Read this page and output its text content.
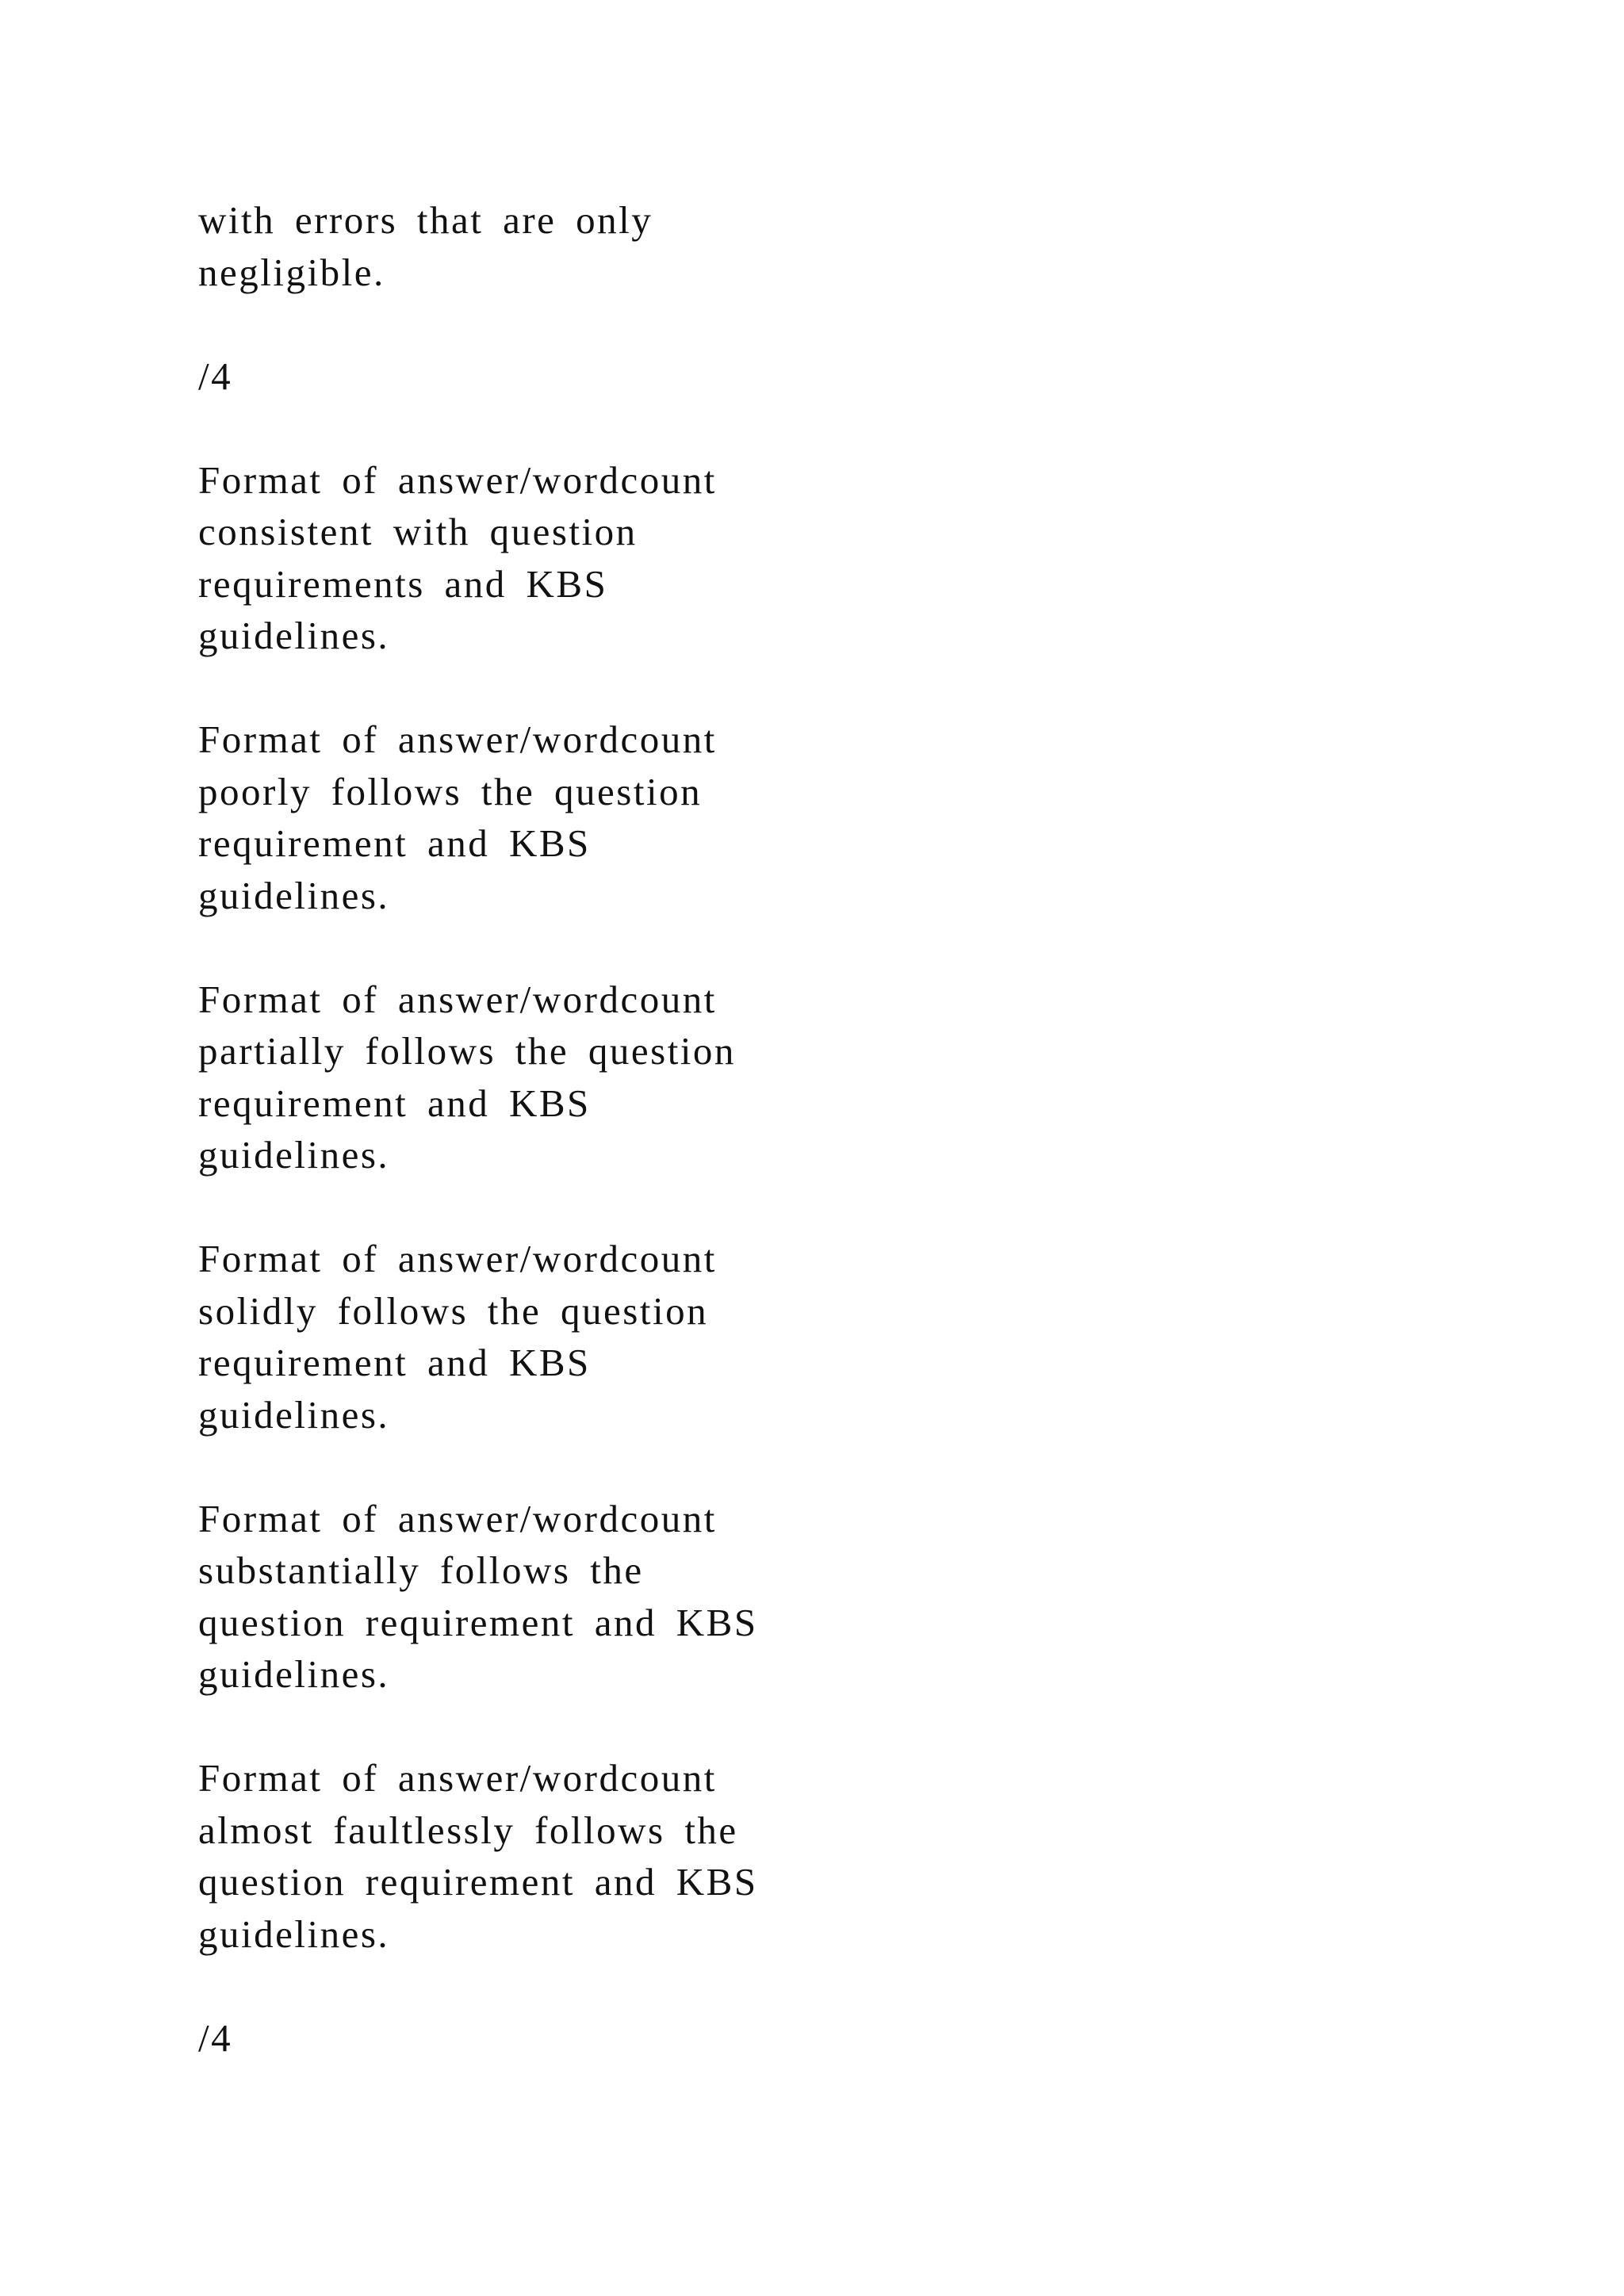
with errors that are only
negligible.

/4

Format of answer/wordcount
consistent with question
requirements and KBS
guidelines.

Format of answer/wordcount
poorly follows the question
requirement and KBS
guidelines.

Format of answer/wordcount
partially follows the question
requirement and KBS
guidelines.

Format of answer/wordcount
solidly follows the question
requirement and KBS
guidelines.

Format of answer/wordcount
substantially follows the
question requirement and KBS
guidelines.

Format of answer/wordcount
almost faultlessly follows the
question requirement and KBS
guidelines.

/4
